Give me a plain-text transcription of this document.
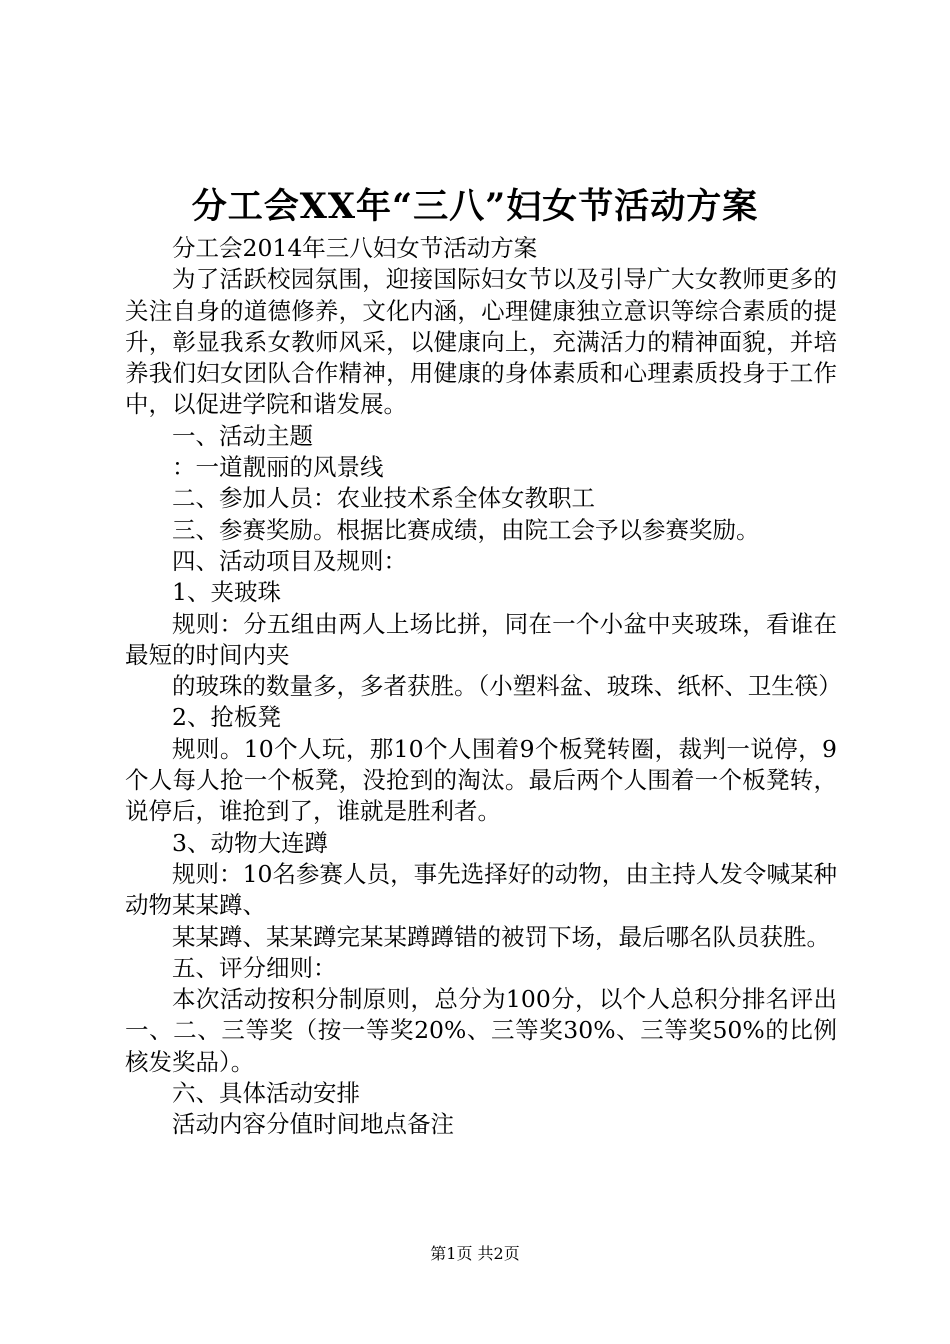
分工会XX年“三八”妇女节活动方案

分工会2014年三八妇女节活动方案

为了活跃校园氛围，迎接国际妇女节以及引导广大女教师更多的关注自身的道德修养，文化内涵，心理健康独立意识等综合素质的提升，彰显我系女教师风采，以健康向上，充满活力的精神面貌，并培养我们妇女团队合作精神，用健康的身体素质和心理素质投身于工作中，以促进学院和谐发展。

一、活动主题

：一道靓丽的风景线

二、参加人员：农业技术系全体女教职工

三、参赛奖励。根据比赛成绩，由院工会予以参赛奖励。

四、活动项目及规则：

1、夹玻珠

规则：分五组由两人上场比拼，同在一个小盆中夹玻珠，看谁在最短的时间内夹

的玻珠的数量多，多者获胜。（小塑料盆、玻珠、纸杯、卫生筷）

2、抢板凳

规则。10个人玩，那10个人围着9个板凳转圈，裁判一说停，9个人每人抢一个板凳，没抢到的淘汰。最后两个人围着一个板凳转，说停后，谁抢到了，谁就是胜利者。

3、动物大连蹲

规则：10名参赛人员，事先选择好的动物，由主持人发令喊某种动物某某蹲、

某某蹲、某某蹲完某某蹲蹲错的被罚下场，最后哪名队员获胜。

五、评分细则：

本次活动按积分制原则，总分为100分，以个人总积分排名评出一、二、三等奖（按一等奖20%、三等奖30%、三等奖50%的比例核发奖品）。

六、具体活动安排

活动内容分值时间地点备注

第1页 共2页
